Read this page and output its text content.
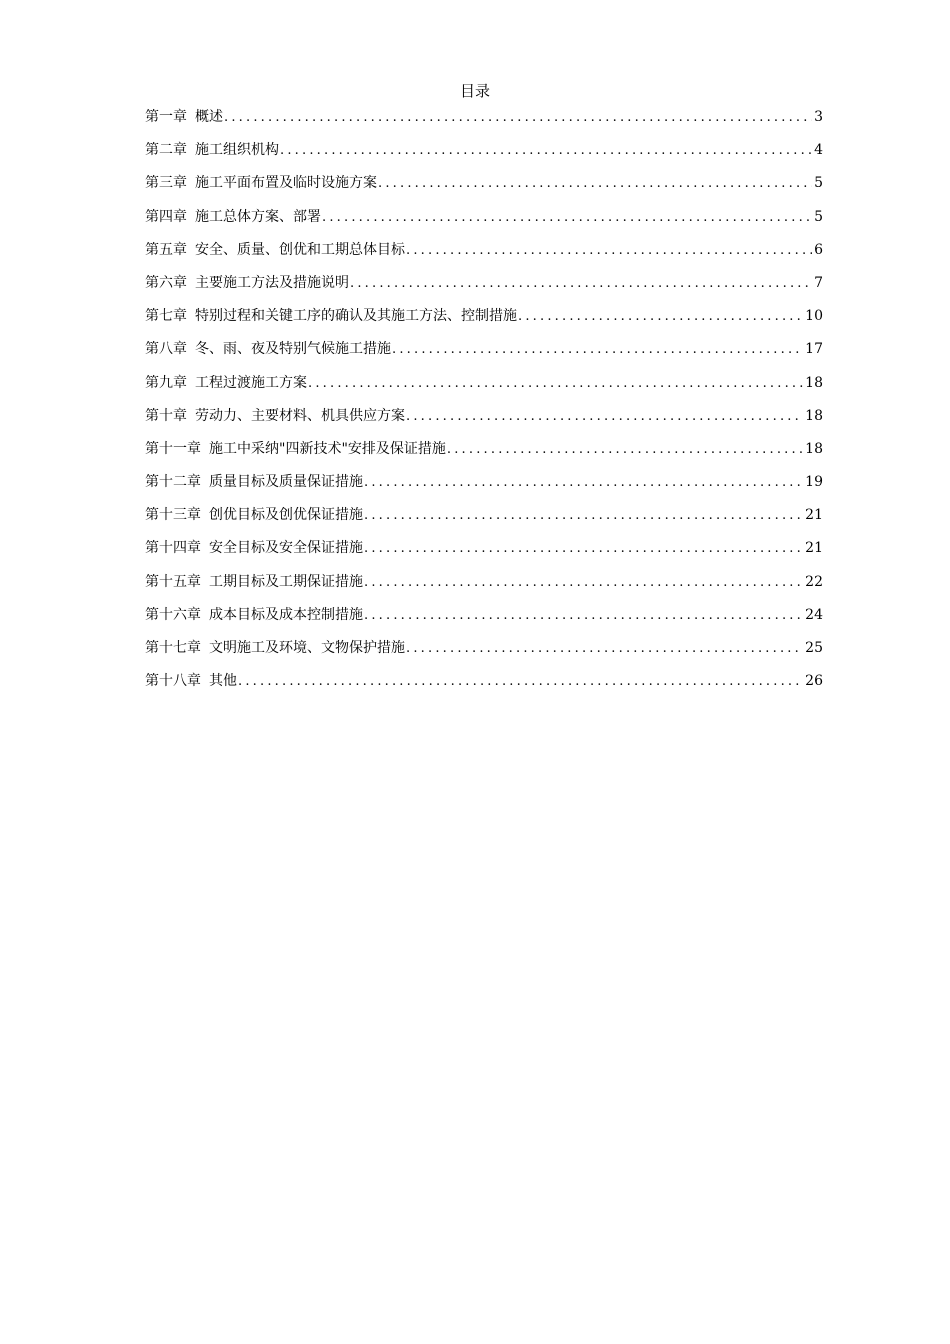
目录
第一章 概述 .....	3
第二章 施工组织机构 .....	4
第三章 施工平面布置及临时设施方案 .....	5
第四章 施工总体方案、部署 .....	5
第五章 安全、质量、创优和工期总体目标 .....	6
第六章 主要施工方法及措施说明 .....	7
第七章 特别过程和关键工序的确认及其施工方法、控制措施 .....	10
第八章 冬、雨、夜及特别气候施工措施 .....	17
第九章 工程过渡施工方案 .....	18
第十章 劳动力、主要材料、机具供应方案 .....	18
第十一章 施工中采纳"四新技术"安排及保证措施 .....	18
第十二章 质量目标及质量保证措施 .....	19
第十三章 创优目标及创优保证措施 .....	21
第十四章 安全目标及安全保证措施 .....	21
第十五章 工期目标及工期保证措施 .....	22
第十六章 成本目标及成本控制措施 .....	24
第十七章 文明施工及环境、文物保护措施 .....	25
第十八章 其他 .....	26
